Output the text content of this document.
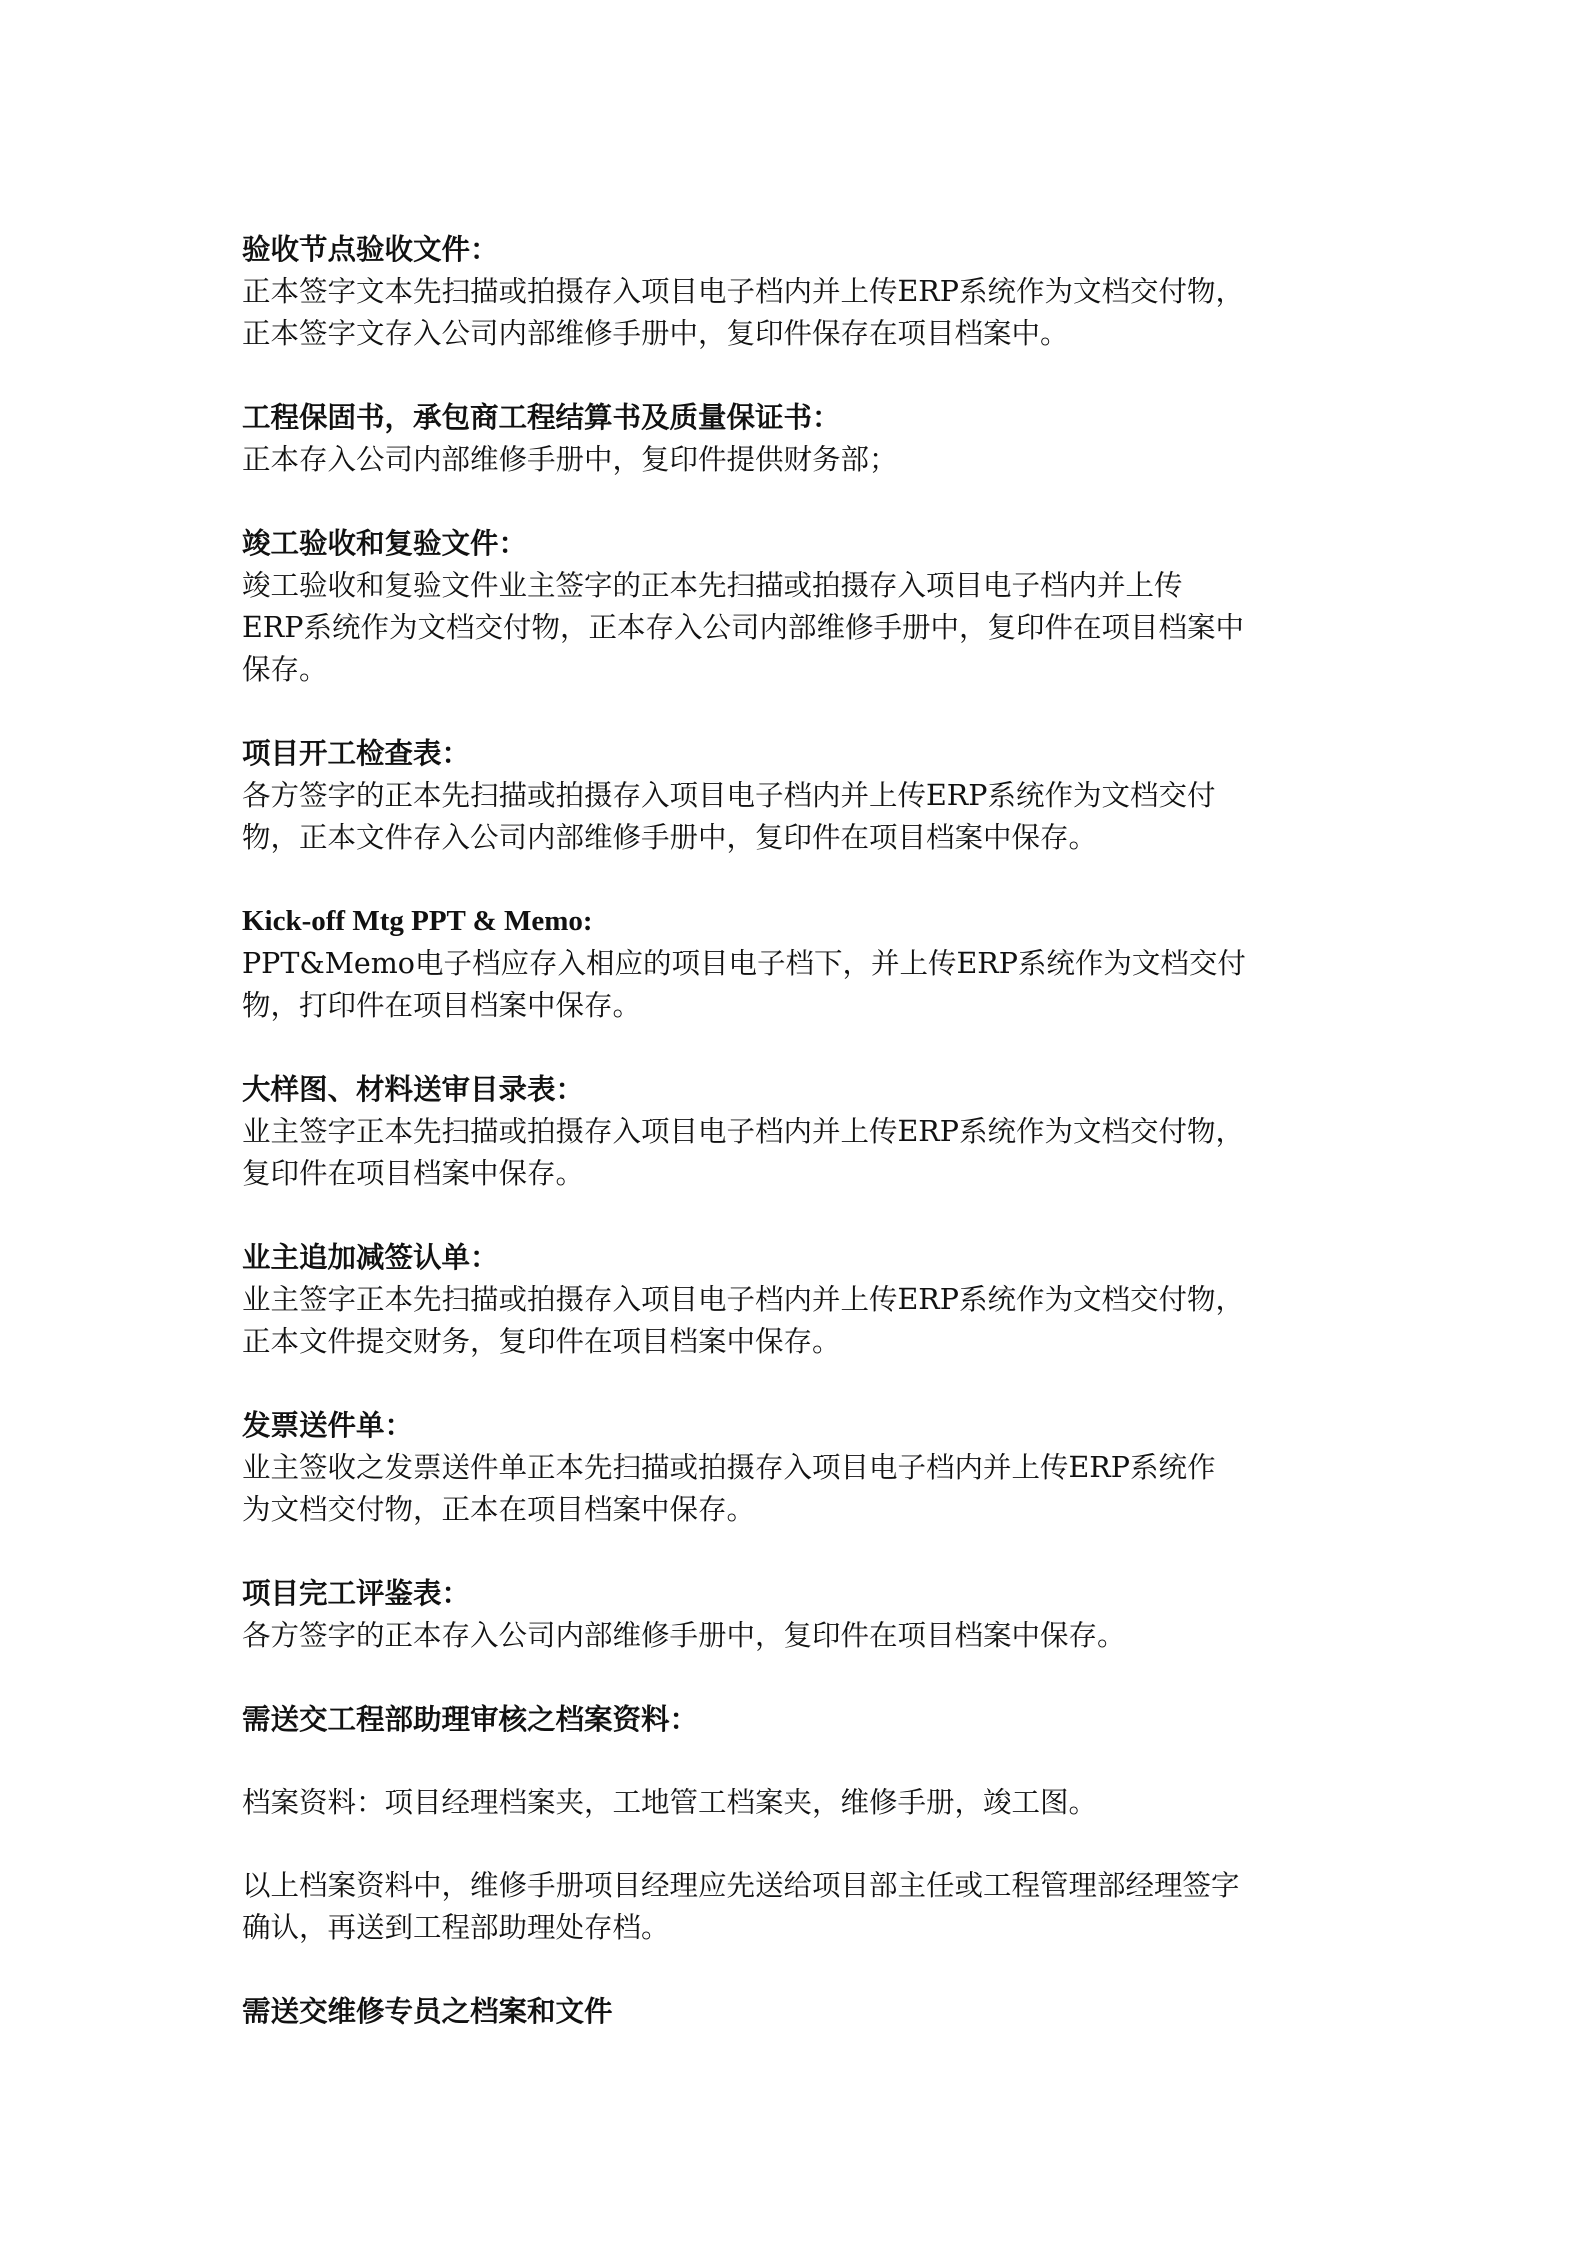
验收节点验收文件：
正本签字文本先扫描或拍摄存入项目电子档内并上传ERP系统作为文档交付物，
正本签字文存入公司内部维修手册中，复印件保存在项目档案中。
工程保固书，承包商工程结算书及质量保证书：
正本存入公司内部维修手册中，复印件提供财务部；
竣工验收和复验文件：
竣工验收和复验文件业主签字的正本先扫描或拍摄存入项目电子档内并上传
ERP系统作为文档交付物，正本存入公司内部维修手册中，复印件在项目档案中
保存。
项目开工检查表：
各方签字的正本先扫描或拍摄存入项目电子档内并上传ERP系统作为文档交付
物，正本文件存入公司内部维修手册中，复印件在项目档案中保存。
Kick-off Mtg PPT & Memo:
PPT&Memo电子档应存入相应的项目电子档下，并上传ERP系统作为文档交付
物，打印件在项目档案中保存。
大样图、材料送审目录表：
业主签字正本先扫描或拍摄存入项目电子档内并上传ERP系统作为文档交付物，
复印件在项目档案中保存。
业主追加减签认单：
业主签字正本先扫描或拍摄存入项目电子档内并上传ERP系统作为文档交付物，
正本文件提交财务，复印件在项目档案中保存。
发票送件单：
业主签收之发票送件单正本先扫描或拍摄存入项目电子档内并上传ERP系统作
为文档交付物，正本在项目档案中保存。
项目完工评鉴表：
各方签字的正本存入公司内部维修手册中，复印件在项目档案中保存。
需送交工程部助理审核之档案资料：
档案资料：项目经理档案夹，工地管工档案夹，维修手册，竣工图。
以上档案资料中，维修手册项目经理应先送给项目部主任或工程管理部经理签字
确认，再送到工程部助理处存档。
需送交维修专员之档案和文件
